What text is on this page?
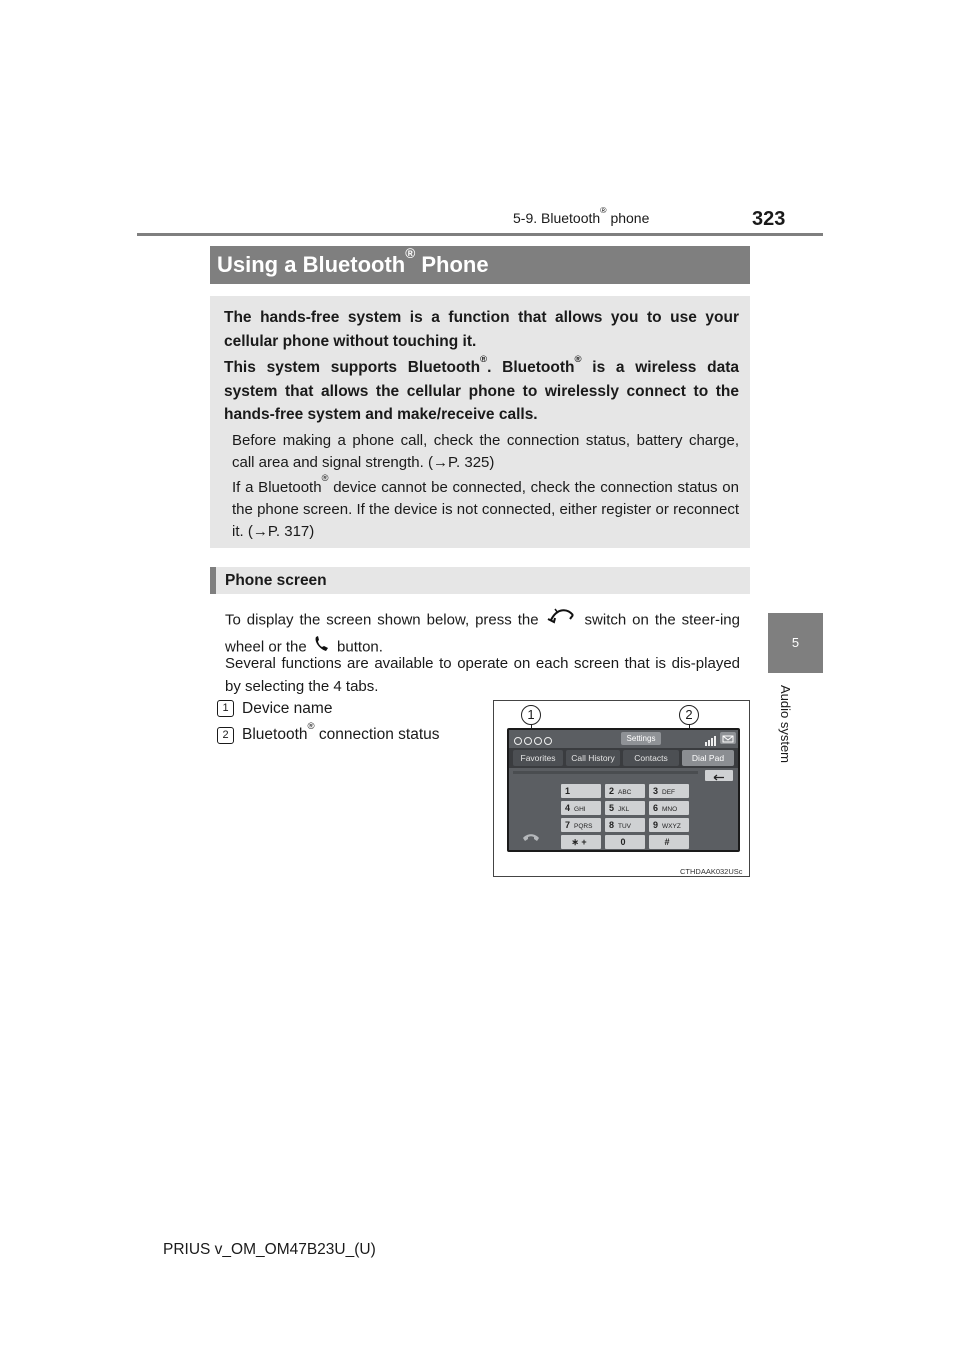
5-9. Bluetooth® phone	323
5
Audio system
Using a Bluetooth® Phone

The hands-free system is a function that allows you to use your cellular phone without touching it.

This system supports Bluetooth®. Bluetooth® is a wireless data system that allows the cellular phone to wirelessly connect to the hands-free system and make/receive calls.

Before making a phone call, check the connection status, battery charge, call area and signal strength. (→P. 325)

If a Bluetooth® device cannot be connected, check the connection status on the phone screen. If the device is not connected, either register or reconnect it. (→P. 317)

Phone screen

To display the screen shown below, press the  switch on the steer-ing wheel or the  button.

Several functions are available to operate on each screen that is dis-played by selecting the 4 tabs.

1 Device name
2 Bluetooth® connection status
1	2
Settings
Favorites	Call History	Contacts	Dial Pad
1	2 ABC	3 DEF
4 GHI	5 JKL	6 MNO
7 PQRS	8 TUV	9 WXYZ
∗ +	0	#
CTHDAAK032USc
PRIUS v_OM_OM47B23U_(U)
